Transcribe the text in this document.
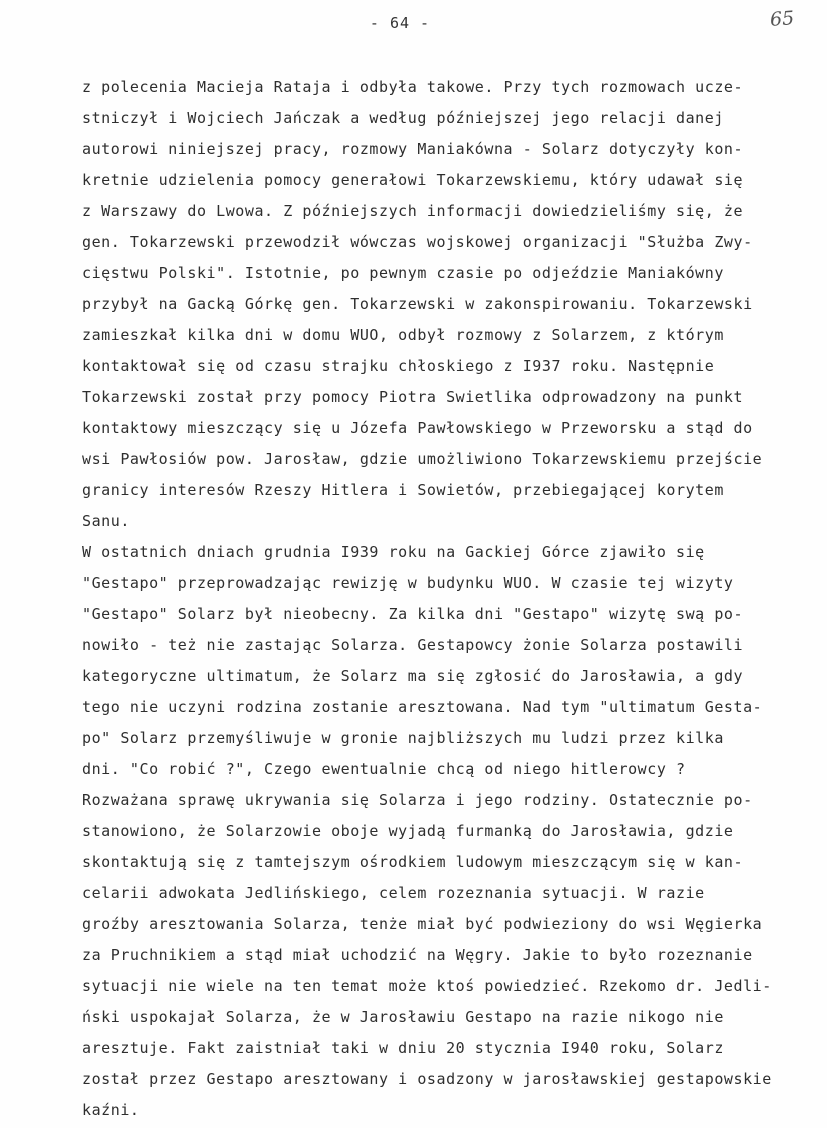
- 64 -	65
z polecenia Macieja Rataja i odbyła takowe. Przy tych rozmowach ucze-
stniczył i Wojciech Jańczak a według późniejszej jego relacji danej
autorowi niniejszej pracy, rozmowy Maniakówna - Solarz dotyczyły kon-
kretnie udzielenia pomocy generałowi Tokarzewskiemu, który udawał się
z Warszawy do Lwowa. Z późniejszych informacji dowiedzieliśmy się, że
gen. Tokarzewski przewodził wówczas wojskowej organizacji "Służba Zwy-
cięstwu Polski". Istotnie, po pewnym czasie po odjeździe Maniakówny
przybył na Gacką Górkę gen. Tokarzewski w zakonspirowaniu. Tokarzewski
zamieszkał kilka dni w domu WUO, odbył rozmowy z Solarzem, z którym
kontaktował się od czasu strajku chłoskiego z I937 roku. Następnie
Tokarzewski został przy pomocy Piotra Swietlika odprowadzony na punkt
kontaktowy mieszczący się u Józefa Pawłowskiego w Przeworsku a stąd do
wsi Pawłosiów pow. Jarosław, gdzie umożliwiono Tokarzewskiemu przejście
granicy interesów Rzeszy Hitlera i Sowietów, przebiegającej korytem
Sanu.
W ostatnich dniach grudnia I939 roku na Gackiej Górce zjawiło się
"Gestapo" przeprowadzając rewizję w budynku WUO. W czasie tej wizyty
"Gestapo" Solarz był nieobecny. Za kilka dni "Gestapo" wizytę swą po-
nowiło - też nie zastając Solarza. Gestapowcy żonie Solarza postawili
kategoryczne ultimatum, że Solarz ma się zgłosić do Jarosławia, a gdy
tego nie uczyni rodzina zostanie aresztowana. Nad tym "ultimatum Gesta-
po" Solarz przemyśliwuje w gronie najbliższych mu ludzi przez kilka
dni. "Co robić ?", Czego ewentualnie chcą od niego hitlerowcy ?
Rozważana sprawę ukrywania się Solarza i jego rodziny. Ostatecznie po-
stanowiono, że Solarzowie oboje wyjadą furmanką do Jarosławia, gdzie
skontaktują się z tamtejszym ośrodkiem ludowym mieszczącym się w kan-
celarii adwokata Jedlińskiego, celem rozeznania sytuacji. W razie
groźby aresztowania Solarza, tenże miał być podwieziony do wsi Węgierka
za Pruchnikiem a stąd miał uchodzić na Węgry. Jakie to było rozeznanie
sytuacji nie wiele na ten temat może ktoś powiedzieć. Rzekomo dr. Jedli-
ński uspokajał Solarza, że w Jarosławiu Gestapo na razie nikogo nie
aresztuje. Fakt zaistniał taki w dniu 20 stycznia I940 roku, Solarz
został przez Gestapo aresztowany i osadzony w jarosławskiej gestapowskie
kaźni.
